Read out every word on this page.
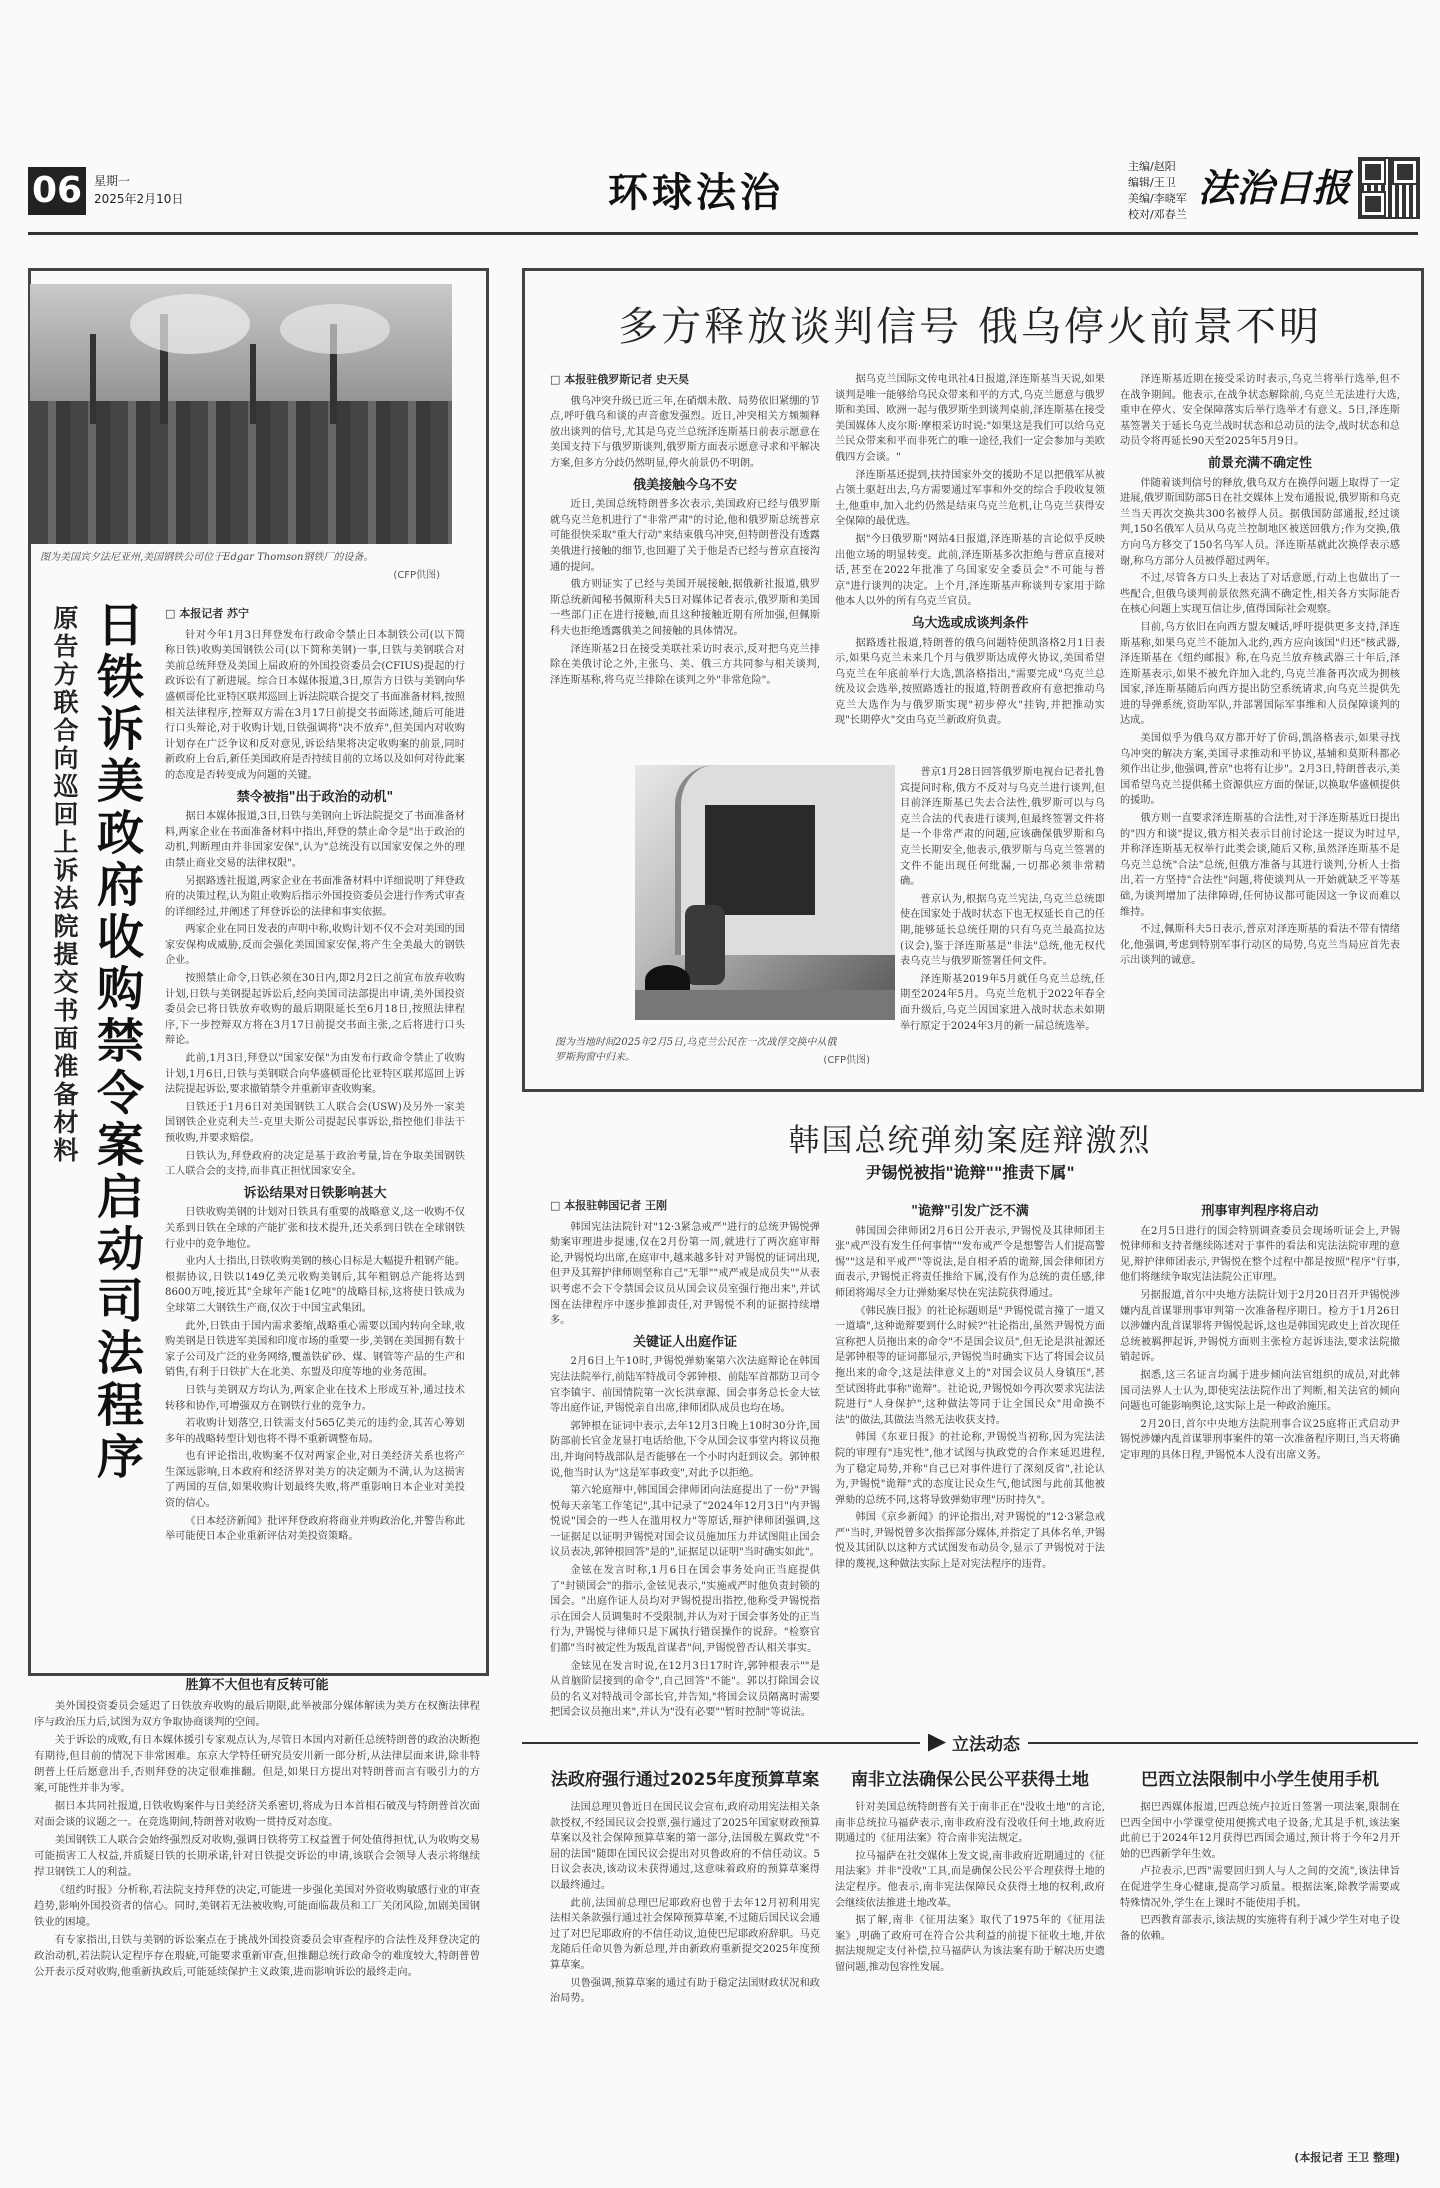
06 星期一
2025年2月10日	环球法治
主编/赵阳
编辑/王卫
美编/李晓军
校对/邓春兰
法治日报
图为美国宾夕法尼亚州,美国钢铁公司位于Edgar Thomson钢铁厂的设备。
(CFP供图)
原告方联合向巡回上诉法院提交书面准备材料 日铁诉美政府收购禁令案启动司法程序	□ 本报记者 苏宁

针对今年1月3日拜登发布行政命令禁止日本制铁公司(以下简称日铁)收购美国钢铁公司(以下简称美钢)一事,日铁与美钢联合对美前总统拜登及美国上届政府的外国投资委员会(CFIUS)提起的行政诉讼有了新进展。综合日本媒体报道,3日,原告方日铁与美钢向华盛顿哥伦比亚特区联邦巡回上诉法院联合提交了书面准备材料,按照相关法律程序,控辩双方需在3月17日前提交书面陈述,随后可能进行口头辩论,对于收购计划,日铁强调将"决不放弃",但美国内对收购计划存在广泛争议和反对意见,诉讼结果将决定收购案的前景,同时新政府上台后,新任美国政府是否持续目前的立场以及如何对待此案的态度是否转变成为问题的关键。

禁令被指"出于政治的动机"

据日本媒体报道,3日,日铁与美钢向上诉法院提交了书面准备材料,两家企业在书面准备材料中指出,拜登的禁止命令是"出于政治的动机,判断理由并非国家安保",认为"总统没有以国家安保之外的理由禁止商业交易的法律权限"。

另据路透社报道,两家企业在书面准备材料中详细说明了拜登政府的决策过程,认为阻止收购后指示外国投资委员会进行作秀式审查的详细经过,并阐述了拜登诉讼的法律和事实依据。

两家企业在同日发表的声明中称,收购计划不仅不会对美国的国家安保构成威胁,反而会强化美国国家安保,将产生全美最大的钢铁企业。

按照禁止命令,日铁必须在30日内,即2月2日之前宣布放弃收购计划,日铁与美钢提起诉讼后,经向美国司法部提出申请,美外国投资委员会已将日铁放弃收购的最后期限延长至6月18日,按照法律程序,下一步控辩双方将在3月17日前提交书面主张,之后将进行口头辩论。

此前,1月3日,拜登以"国家安保"为由发布行政命令禁止了收购计划,1月6日,日铁与美钢联合向华盛顿哥伦比亚特区联邦巡回上诉法院提起诉讼,要求撤销禁令并重新审查收购案。

日铁还于1月6日对美国钢铁工人联合会(USW)及另外一家美国钢铁企业克利夫兰-克里夫斯公司提起民事诉讼,指控他们非法干预收购,并要求赔偿。

日铁认为,拜登政府的决定是基于政治考量,旨在争取美国钢铁工人联合会的支持,而非真正担忧国家安全。

诉讼结果对日铁影响甚大

日铁收购美钢的计划对日铁具有重要的战略意义,这一收购不仅关系到日铁在全球的产能扩张和技术提升,还关系到日铁在全球钢铁行业中的竞争地位。

业内人士指出,日铁收购美钢的核心目标是大幅提升粗钢产能。根据协议,日铁以149亿美元收购美钢后,其年粗钢总产能将达到8600万吨,接近其"全球年产能1亿吨"的战略目标,这将使日铁成为全球第二大钢铁生产商,仅次于中国宝武集团。

此外,日铁由于国内需求萎缩,战略重心需要以国内转向全球,收购美钢是日铁进军美国和印度市场的重要一步,美钢在美国拥有数十家子公司及广泛的业务网络,覆盖铁矿砂、煤、钢管等产品的生产和销售,有利于日铁扩大在北美、东盟及印度等地的业务范围。

日铁与美钢双方均认为,两家企业在技术上形成互补,通过技术转移和协作,可增强双方在钢铁行业的竞争力。

若收购计划落空,日铁需支付565亿美元的违约金,其苦心筹划多年的战略转型计划也将不得不重新调整布局。

也有评论指出,收购案不仅对两家企业,对日美经济关系也将产生深远影响,日本政府和经济界对美方的决定颇为不满,认为这损害了两国的互信,如果收购计划最终失败,将严重影响日本企业对美投资的信心。

《日本经济新闻》批评拜登政府将商业并购政治化,并警告称此举可能使日本企业重新评估对美投资策略。

胜算不大但也有反转可能

美外国投资委员会延迟了日铁放弃收购的最后期限,此举被部分媒体解读为美方在权衡法律程序与政治压力后,试图为双方争取协商谈判的空间。

关于诉讼的成败,有日本媒体援引专家观点认为,尽管日本国内对新任总统特朗普的政治决断抱有期待,但目前的情况下非常困难。东京大学特任研究员安川新一郎分析,从法律层面来讲,除非特朗普上任后愿意出手,否则拜登的决定很难推翻。但是,如果日方提出对特朗普而言有吸引力的方案,可能性并非为零。

据日本共同社报道,日铁收购案件与日美经济关系密切,将成为日本首相石破茂与特朗普首次面对面会谈的议题之一。在竞选期间,特朗普对收购一贯持反对态度。

美国钢铁工人联合会始终强烈反对收购,强调日铁将劳工权益置于何处值得担忧,认为收购交易可能损害工人权益,并质疑日铁的长期承诺,针对日铁提交诉讼的申请,该联合会领导人表示将继续捍卫钢铁工人的利益。

《纽约时报》分析称,若法院支持拜登的决定,可能进一步强化美国对外资收购敏感行业的审查趋势,影响外国投资者的信心。同时,美钢若无法被收购,可能面临裁员和工厂关闭风险,加剧美国钢铁业的困境。

有专家指出,日铁与美钢的诉讼案点在于挑战外国投资委员会审查程序的合法性及拜登决定的政治动机,若法院认定程序存在瑕疵,可能要求重新审查,但推翻总统行政命令的难度较大,特朗普曾公开表示反对收购,他重新执政后,可能延续保护主义政策,进而影响诉讼的最终走向。

多方释放谈判信号 俄乌停火前景不明
□ 本报驻俄罗斯记者 史天昊

俄乌冲突升级已近三年,在硝烟未散、局势依旧紧绷的节点,呼吁俄乌和谈的声音愈发强烈。近日,冲突相关方频频释放出谈判的信号,尤其是乌克兰总统泽连斯基日前表示愿意在美国支持下与俄罗斯谈判,俄罗斯方面表示愿意寻求和平解决方案,但多方分歧仍然明显,停火前景仍不明朗。

俄美接触今乌不安

近日,美国总统特朗普多次表示,美国政府已经与俄罗斯就乌克兰危机进行了"非常严肃"的讨论,他和俄罗斯总统普京可能很快采取"重大行动"来结束俄乌冲突,但特朗普没有透露美俄进行接触的细节,也回避了关于他是否已经与普京直接沟通的提问。

俄方则证实了已经与美国开展接触,据俄新社报道,俄罗斯总统新闻秘书佩斯科夫5日对媒体记者表示,俄罗斯和美国一些部门正在进行接触,而且这种接触近期有所加强,但佩斯科夫也拒绝透露俄美之间接触的具体情况。

泽连斯基2日在接受美联社采访时表示,反对把乌克兰排除在美俄讨论之外,主张乌、美、俄三方共同参与相关谈判,泽连斯基称,将乌克兰排除在谈判之外"非常危险"。

据乌克兰国际文传电讯社4日报道,泽连斯基当天说,如果谈判是唯一能够给乌民众带来和平的方式,乌克兰愿意与俄罗斯和美国、欧洲一起与俄罗斯坐到谈判桌前,泽连斯基在接受美国媒体人皮尔斯·摩根采访时说:"如果这是我们可以给乌克兰民众带来和平而非死亡的唯一途径,我们一定会参加与美欧俄四方会谈。"

泽连斯基还提到,扶持国家外交的援助不足以把俄军从被占领土驱赶出去,乌方需要通过军事和外交的综合手段收复领土,他重申,加入北约仍然是结束乌克兰危机,让乌克兰获得安全保障的最优选。

据"今日俄罗斯"网站4日报道,泽连斯基的言论似乎反映出他立场的明显转变。此前,泽连斯基多次拒绝与普京直接对话,甚至在2022年批准了乌国家安全委员会"不可能与普京"进行谈判的决定。上个月,泽连斯基声称谈判专家用于除他本人以外的所有乌克兰官员。

乌大选或成谈判条件

据路透社报道,特朗普的俄乌问题特使凯洛格2月1日表示,如果乌克兰未来几个月与俄罗斯达成停火协议,美国希望乌克兰在年底前举行大选,凯洛格指出,"需要完成"乌克兰总统及议会选举,按照路透社的报道,特朗普政府有意把推动乌克兰大选作为与俄罗斯实现"初步停火"挂钩,并把推动实现"长期停火"交由乌克兰新政府负责。

图为当地时间2025年2月5日,乌克兰公民在一次战俘交换中从俄罗斯狗窗中归来。	(CFP供图)

普京1月28日回答俄罗斯电视台记者扎鲁宾提问时称,俄方不反对与乌克兰进行谈判,但目前泽连斯基已失去合法性,俄罗斯可以与乌克兰合法的代表进行谈判,但最终签署文件将是一个非常严肃的问题,应该确保俄罗斯和乌克兰长期安全,他表示,俄罗斯与乌克兰签署的文件不能出现任何纰漏,一切都必须非常精确。

普京认为,根据乌克兰宪法,乌克兰总统即使在国家处于战时状态下也无权延长自己的任期,能够延长总统任期的只有乌克兰最高拉达(议会),鉴于泽连斯基是"非法"总统,他无权代表乌克兰与俄罗斯签署任何文件。

泽连斯基2019年5月就任乌克兰总统,任期至2024年5月。乌克兰危机于2022年春全面升级后,乌克兰因国家进入战时状态未如期举行原定于2024年3月的新一届总统选举。

泽连斯基近期在接受采访时表示,乌克兰将举行选举,但不在战争期间。他表示,在战争状态解除前,乌克兰无法进行大选,重申在停火、安全保障落实后举行选举才有意义。5日,泽连斯基签署关于延长乌克兰战时状态和总动员的法令,战时状态和总动员令将再延长90天至2025年5月9日。

前景充满不确定性

伴随着谈判信号的释放,俄乌双方在换俘问题上取得了一定进展,俄罗斯国防部5日在社交媒体上发布通报说,俄罗斯和乌克兰当天再次交换共300名被俘人员。据俄国防部通报,经过谈判,150名俄军人员从乌克兰控制地区被送回俄方;作为交换,俄方向乌方移交了150名乌军人员。泽连斯基就此次换俘表示感谢,称乌方部分人员被俘超过两年。

不过,尽管各方口头上表达了对话意愿,行动上也做出了一些配合,但俄乌谈判前景依然充满不确定性,相关各方实际能否在核心问题上实现互信让步,值得国际社会观察。

目前,乌方依旧在向西方盟友喊话,呼吁提供更多支持,泽连斯基称,如果乌克兰不能加入北约,西方应向该国"归还"核武器,泽连斯基在《纽约邮报》称,在乌克兰放弃核武器三十年后,泽连斯基表示,如果不被允许加入北约,乌克兰准备再次成为拥核国家,泽连斯基随后向西方提出防空系统请求,向乌克兰提供先进的导弹系统,资助军队,并部署国际军事维和人员保障谈判的达成。

美国似乎为俄乌双方都开好了价码,凯洛格表示,如果寻找乌冲突的解决方案,美国寻求推动和平协议,基辅和莫斯科都必须作出让步,他强调,普京"也将有让步"。2月3日,特朗普表示,美国希望乌克兰提供稀土资源供应方面的保证,以换取华盛顿提供的援助。

俄方则一直要求泽连斯基的合法性,对于泽连斯基近日提出的"四方和谈"提议,俄方相关表示目前讨论这一提议为时过早,并称泽连斯基无权举行此类会谈,随后又称,虽然泽连斯基不是乌克兰总统"合法"总统,但俄方准备与其进行谈判,分析人士指出,若一方坚持"合法性"问题,将使谈判从一开始就缺乏平等基础,为谈判增加了法律障碍,任何协议都可能因这一争议而难以维持。

不过,佩斯科夫5日表示,普京对泽连斯基的看法不带有情绪化,他强调,考虑到特别军事行动区的局势,乌克兰当局应首先表示出谈判的诚意。

韩国总统弹劾案庭辩激烈
尹锡悦被指"诡辩""推责下属"
□ 本报驻韩国记者 王刚

韩国宪法法院针对"12·3紧急戒严"进行的总统尹锡悦弹劾案审理进步提速,仅在2月份第一周,就进行了两次庭审辩论,尹锡悦均出席,在庭审中,越来越多针对尹锡悦的证词出现,但尹及其辩护律师则坚称自己"无罪""戒严戒是成员失""从表识考虑不会下令禁国会议员从国会议员室强行拖出来",并试图在法律程序中逐步推卸责任,对尹锡悦不利的证据持续增多。

关键证人出庭作证

2月6日上午10时,尹锡悦弹劾案第六次法庭辩论在韩国宪法法院举行,前陆军特战司令郭钟根、前陆军首都防卫司令官李镇宇、前国情院第一次长洪章源、国会事务总长金大铉等出庭作证,尹锡悦亲自出席,律师团队成员也均在场。

郭钟根在证词中表示,去年12月3日晚上10时30分许,国防部前长官金龙显打电话给他,下令从国会议事堂内将议员拖出,并询问特战部队是否能够在一个小时内赶到议会。郭钟根说,他当时认为"这是军事政变",对此予以拒绝。

第六轮庭辩中,韩国国会律师团向法庭提出了一份"尹锡悦每天亲笔工作笔记",其中记录了"2024年12月3日"内尹锡悦说"国会的一些人在滥用权力"等原话,辩护律师团强调,这一证据足以证明尹锡悦对国会议员施加压力并试图阻止国会议员表决,郭钟根回答"是的",证据足以证明"当时确实如此"。

金铉在发言时称,1月6日在国会事务处向正当庭提供了"封锁国会"的指示,金铉见表示,"实施戒严时他负责封锁的国会。"出庭作证人员均对尹锡悦提出指控,他称受尹锡悦指示在国会人员调集时不受限制,并认为对于国会事务处的正当行为,尹锡悦与律师只是下属执行错误操作的说辞。"检察官们都"当时被定性为叛乱首谋者"问,尹锡悦曾否认相关事实。

金铉见在发言时说,在12月3日17时许,郭钟根表示""是从首脑阶层接到的命令",自己回答"不能"。郭以打除国会议员的名义对特战司令部长官,并告知,"将国会议员隔离时需要把国会议员拖出来",并认为"没有必要""暂时控制"等说法。

"诡辩"引发广泛不满

韩国国会律师团2月6日公开表示,尹锡悦及其律师团主张"戒严没有发生任何事情""发布戒严令是想警告人们提高警惕""这是和平戒严"等说法,是自相矛盾的诡辩,国会律师团方面表示,尹锡悦正将责任推给下属,没有作为总统的责任感,律师团将竭尽全力让弹劾案尽快在宪法院获得通过。

《韩民族日报》的社论标题则是"尹锡悦谎言撞了一道又一道墙",这种诡辩要到什么时候?"社论指出,虽然尹锡悦方面宣称把人员拖出来的命令"不是国会议员",但无论是洪祉源还是郭钟根等的证词都显示,尹锡悦当时确实下达了将国会议员拖出来的命令,这是法律意义上的"对国会议员人身镇压",甚至试图将此事称"诡辩"。社论说,尹锡悦如今再次要求宪法法院进行"人身保护",这种做法等同于让全国民众"用命换不法"的做法,其做法当然无法收获支持。

韩国《东亚日报》的社论称,尹锡悦当初称,因为宪法法院的审理有"违宪性",他才试图与执政党的合作来延迟进程,为了稳定局势,并称"自己已对事件进行了深刻反省",社论认为,尹锡悦"诡辩"式的态度让民众生气,他试图与此前其他被弹劾的总统不同,这将导致弹劾审理"历时持久"。

韩国《京乡新闻》的评论指出,对尹锡悦的"12·3紧急戒严"当时,尹锡悦曾多次指挥部分媒体,并指定了具体名单,尹锡悦及其团队以这种方式试图发布动员令,显示了尹锡悦对于法律的蔑视,这种做法实际上是对宪法程序的违背。

刑事审判程序将启动

在2月5日进行的国会特别调查委员会现场听证会上,尹锡悦律师和支持者继续陈述对于事件的看法和宪法法院审理的意见,辩护律师团表示,尹锡悦在整个过程中都是按照"程序"行事,他们将继续争取宪法法院公正审理。

另据报道,首尔中央地方法院计划于2月20日召开尹锡悦涉嫌内乱首谋罪刑事审判第一次准备程序期日。检方于1月26日以涉嫌内乱首谋罪将尹锡悦起诉,这也是韩国宪政史上首次现任总统被羁押起诉,尹锡悦方面则主张检方起诉违法,要求法院撤销起诉。

据悉,这三名证言均属于进步倾向法官组织的成员,对此韩国司法界人士认为,即使宪法法院作出了判断,相关法官的倾向问题也可能影响舆论,这实际上是一种政治施压。

2月20日,首尔中央地方法院刑事合议25庭将正式启动尹锡悦涉嫌内乱首谋罪刑事案件的第一次准备程序期日,当天将确定审理的具体日程,尹锡悦本人没有出席义务。

立法动态
法政府强行通过2025年度预算草案

法国总理贝鲁近日在国民议会宣布,政府动用宪法相关条款授权,不经国民议会投票,强行通过了2025年国家财政预算草案以及社会保障预算草案的第一部分,法国极左翼政党"不屈的法国"随即在国民议会提出对贝鲁政府的不信任动议。5日议会表决,该动议未获得通过,这意味着政府的预算草案得以最终通过。

此前,法国前总理巴尼耶政府也曾于去年12月初利用宪法相关条款强行通过社会保障预算草案,不过随后国民议会通过了对巴尼耶政府的不信任动议,迫使巴尼耶政府辞职。马克龙随后任命贝鲁为新总理,并由新政府重新提交2025年度预算草案。

贝鲁强调,预算草案的通过有助于稳定法国财政状况和政治局势。

南非立法确保公民公平获得土地

针对美国总统特朗普有关于南非正在"没收土地"的言论,南非总统拉马福萨表示,南非政府没有没收任何土地,政府近期通过的《征用法案》符合南非宪法规定。

拉马福萨在社交媒体上发文说,南非政府近期通过的《征用法案》并非"没收"工具,而是确保公民公平合理获得土地的法定程序。他表示,南非宪法保障民众获得土地的权利,政府会继续依法推进土地改革。

据了解,南非《征用法案》取代了1975年的《征用法案》,明确了政府可在符合公共利益的前提下征收土地,并依据法规规定支付补偿,拉马福萨认为该法案有助于解决历史遗留问题,推动包容性发展。

巴西立法限制中小学生使用手机

据巴西媒体报道,巴西总统卢拉近日签署一项法案,限制在巴西全国中小学课堂使用便携式电子设备,尤其是手机,该法案此前已于2024年12月获得巴西国会通过,预计将于今年2月开始的巴西新学年生效。

卢拉表示,巴西"需要回归到人与人之间的交流",该法律旨在促进学生身心健康,提高学习质量。根据法案,除教学需要或特殊情况外,学生在上课时不能使用手机。

巴西教育部表示,该法规的实施将有利于减少学生对电子设备的依赖。

(本报记者 王卫 整理)
